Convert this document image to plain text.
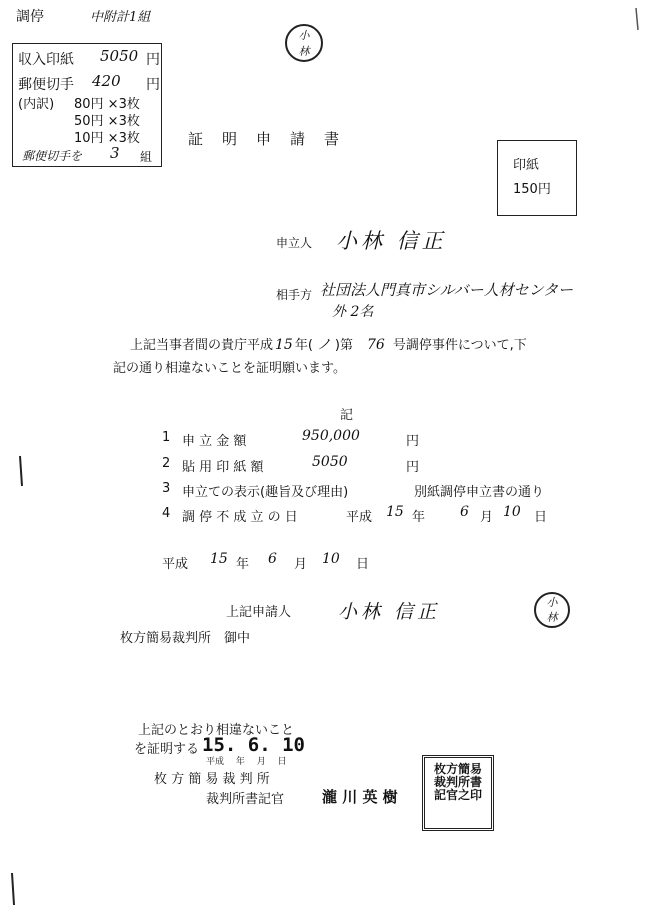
調停	中附計1組
収入印紙 5050 円
郵便切手 420 円
(内訳) 80円 ×3枚
50円 ×3枚
10円 ×3枚
郵便切手を 3 組
小林
証　明　申　請　書
印紙
150円
申立人 小林 信正
相手方 社団法人門真市シルバー人材センター
外 2名
上記当事者間の貴庁平成 15 年( ノ )第 76 号調停事件について,下
記の通り相違ないことを証明願います。
記
1 申 立 金 額	950,000	円
2 貼 用 印 紙 額	5050	円
3 申立ての表示(趣旨及び理由)	別紙調停申立書の通り
4 調 停 不 成 立 の 日	平成 15 年 6 月 10 日
平成 15 年 6 月 10 日
上記申請人 小林 信正	小林
枚方簡易裁判所　御中
上記のとおり相違ないこと
を証明する 15. 6. 10
平成　 年　 月　 日
枚 方 簡 易 裁 判 所
裁判所書記官	瀧 川 英 樹
枚方簡易
裁判所書
記官之印
